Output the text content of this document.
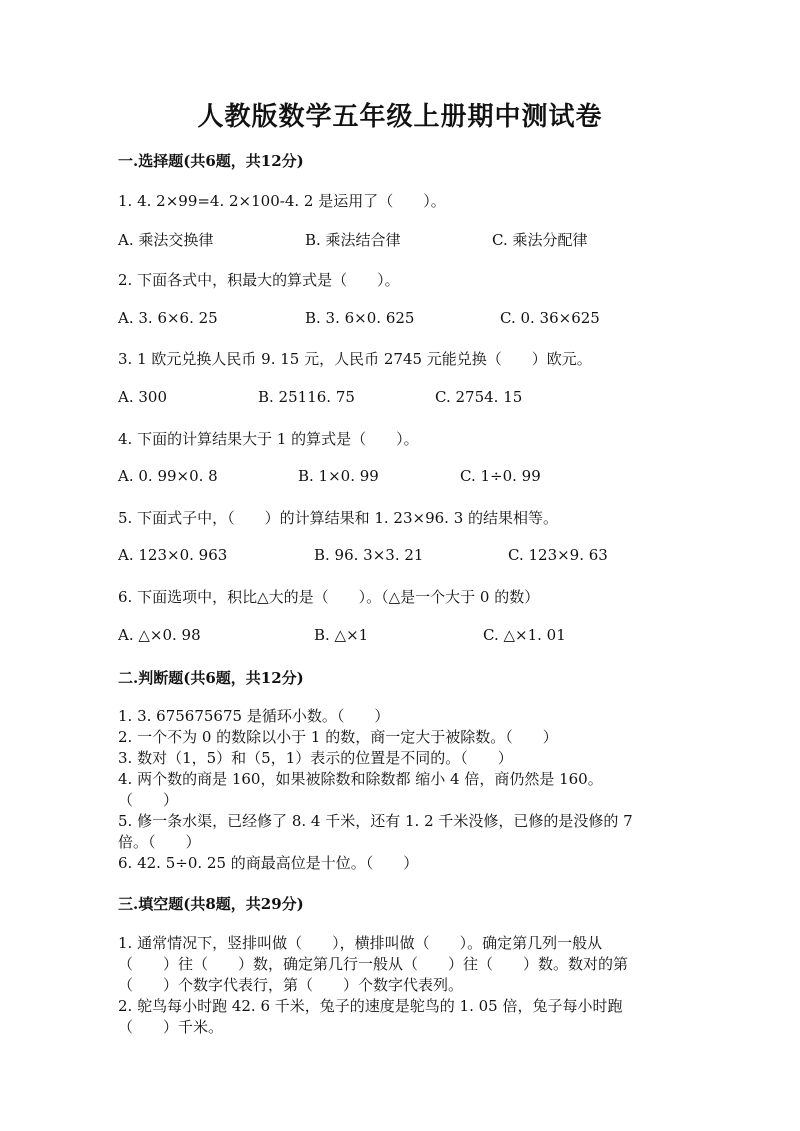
人教版数学五年级上册期中测试卷
一.选择题(共6题，共12分)
1. 4. 2×99=4. 2×100-4. 2 是运用了（　　）。
A. 乘法交换律	B. 乘法结合律	C. 乘法分配律
2. 下面各式中，积最大的算式是（　　）。
A. 3. 6×6. 25	B. 3. 6×0. 625	C. 0. 36×625
3. 1 欧元兑换人民币 9. 15 元，人民币 2745 元能兑换（　　）欧元。
A. 300	B. 25116. 75	C. 2754. 15
4. 下面的计算结果大于 1 的算式是（　　）。
A. 0. 99×0. 8	B. 1×0. 99	C. 1÷0. 99
5. 下面式子中，（　　）的计算结果和 1. 23×96. 3 的结果相等。
A. 123×0. 963	B. 96. 3×3. 21	C. 123×9. 63
6. 下面选项中，积比△大的是（　　）。（△是一个大于 0 的数）
A. △×0. 98	B. △×1	C. △×1. 01
二.判断题(共6题，共12分)
1. 3. 675675675 是循环小数。（　　）
2. 一个不为 0 的数除以小于 1 的数，商一定大于被除数。（　　）
3. 数对（1，5）和（5，1）表示的位置是不同的。（　　）
4. 两个数的商是 160，如果被除数和除数都 缩小 4 倍，商仍然是 160。
（　　）
5. 修一条水渠，已经修了 8. 4 千米，还有 1. 2 千米没修，已修的是没修的 7
倍。（　　）
6. 42. 5÷0. 25 的商最高位是十位。（　　）
三.填空题(共8题，共29分)
1. 通常情况下，竖排叫做（　　），横排叫做（　　）。确定第几列一般从
（　　）往（　　）数，确定第几行一般从（　　）往（　　）数。数对的第
（　　）个数字代表行，第（　　）个数字代表列。
2. 鸵鸟每小时跑 42. 6 千米，兔子的速度是鸵鸟的 1. 05 倍，兔子每小时跑
（　　）千米。
